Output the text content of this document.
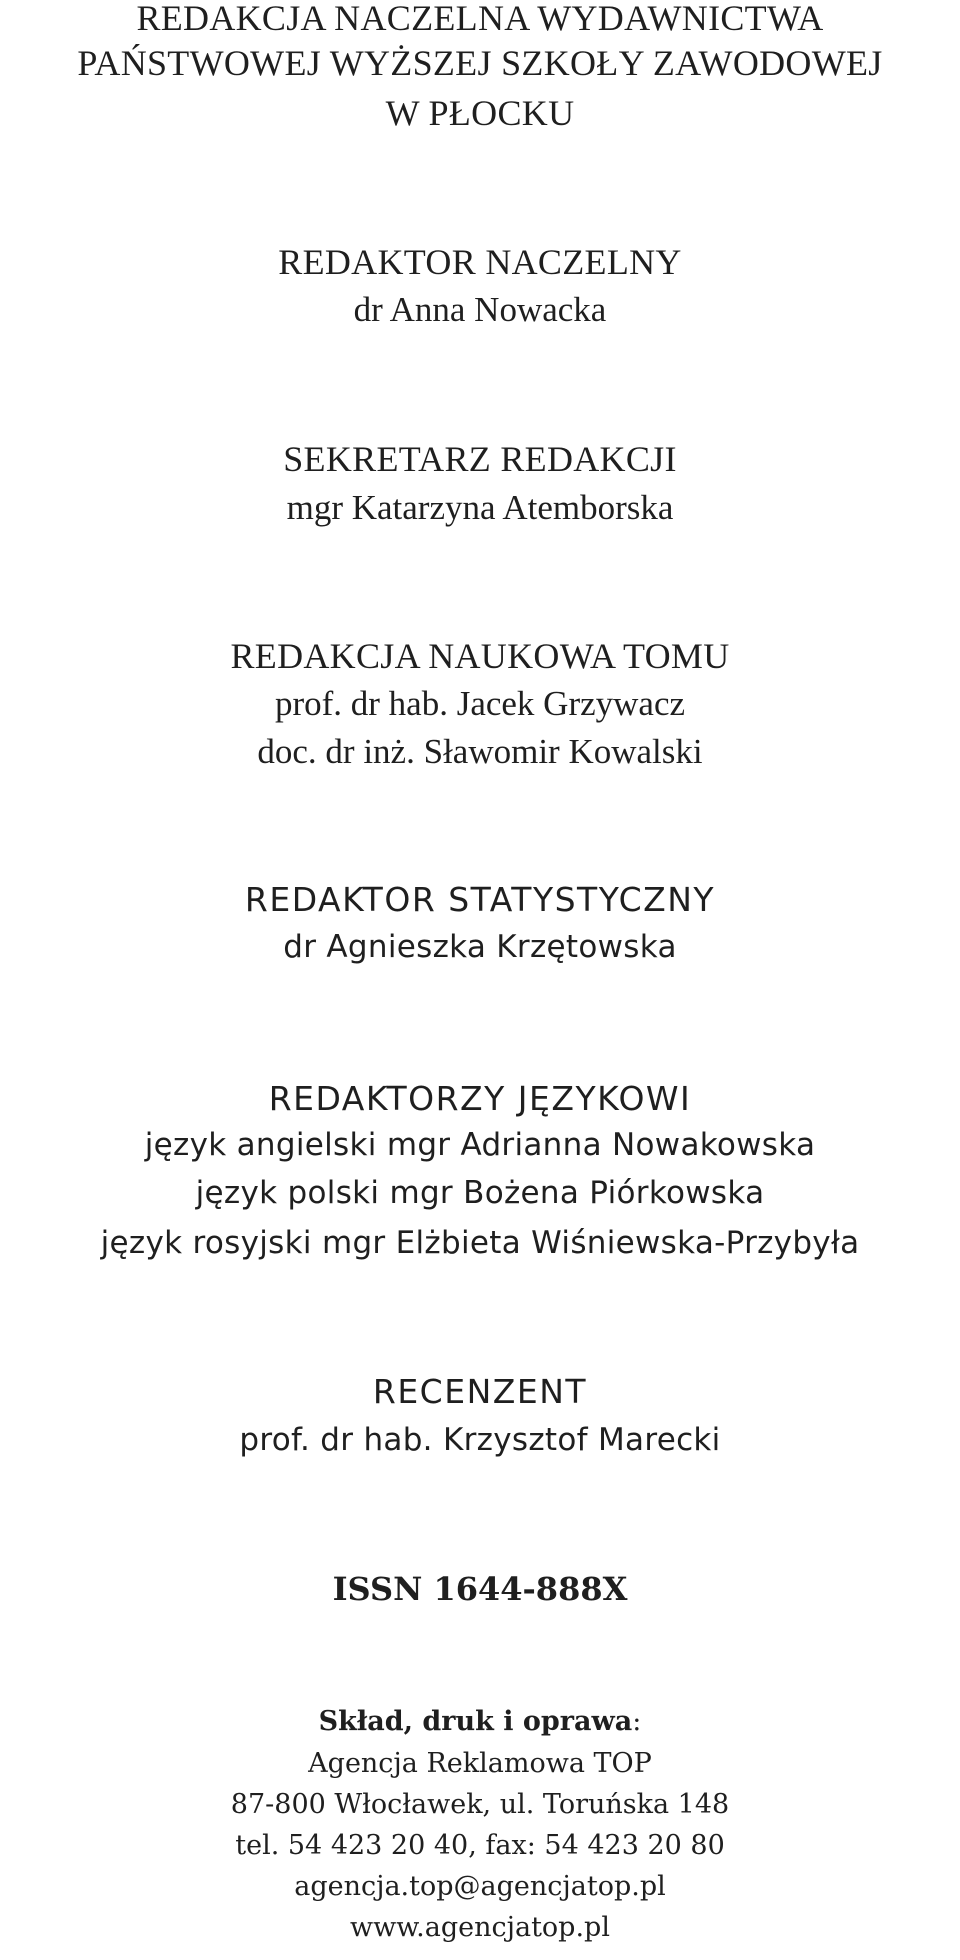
REDAKCJA NACZELNA WYDAWNICTWA

PAŃSTWOWEJ WYŻSZEJ SZKOŁY ZAWODOWEJ

W PŁOCKU

REDAKTOR NACZELNY

dr Anna Nowacka

SEKRETARZ REDAKCJI

mgr Katarzyna Atemborska

REDAKCJA NAUKOWA TOMU

prof. dr hab. Jacek Grzywacz

doc. dr inż. Sławomir Kowalski

REDAKTOR STATYSTYCZNY

dr Agnieszka Krzętowska

REDAKTORZY JĘZYKOWI

język angielski mgr Adrianna Nowakowska

język polski mgr Bożena Piórkowska

język rosyjski mgr Elżbieta Wiśniewska-Przybyła

RECENZENT

prof. dr hab. Krzysztof Marecki

ISSN 1644-888X

Skład, druk i oprawa:

Agencja Reklamowa TOP

87-800 Włocławek, ul. Toruńska 148

tel. 54 423 20 40, fax: 54 423 20 80

agencja.top@agencjatop.pl

www.agencjatop.pl
